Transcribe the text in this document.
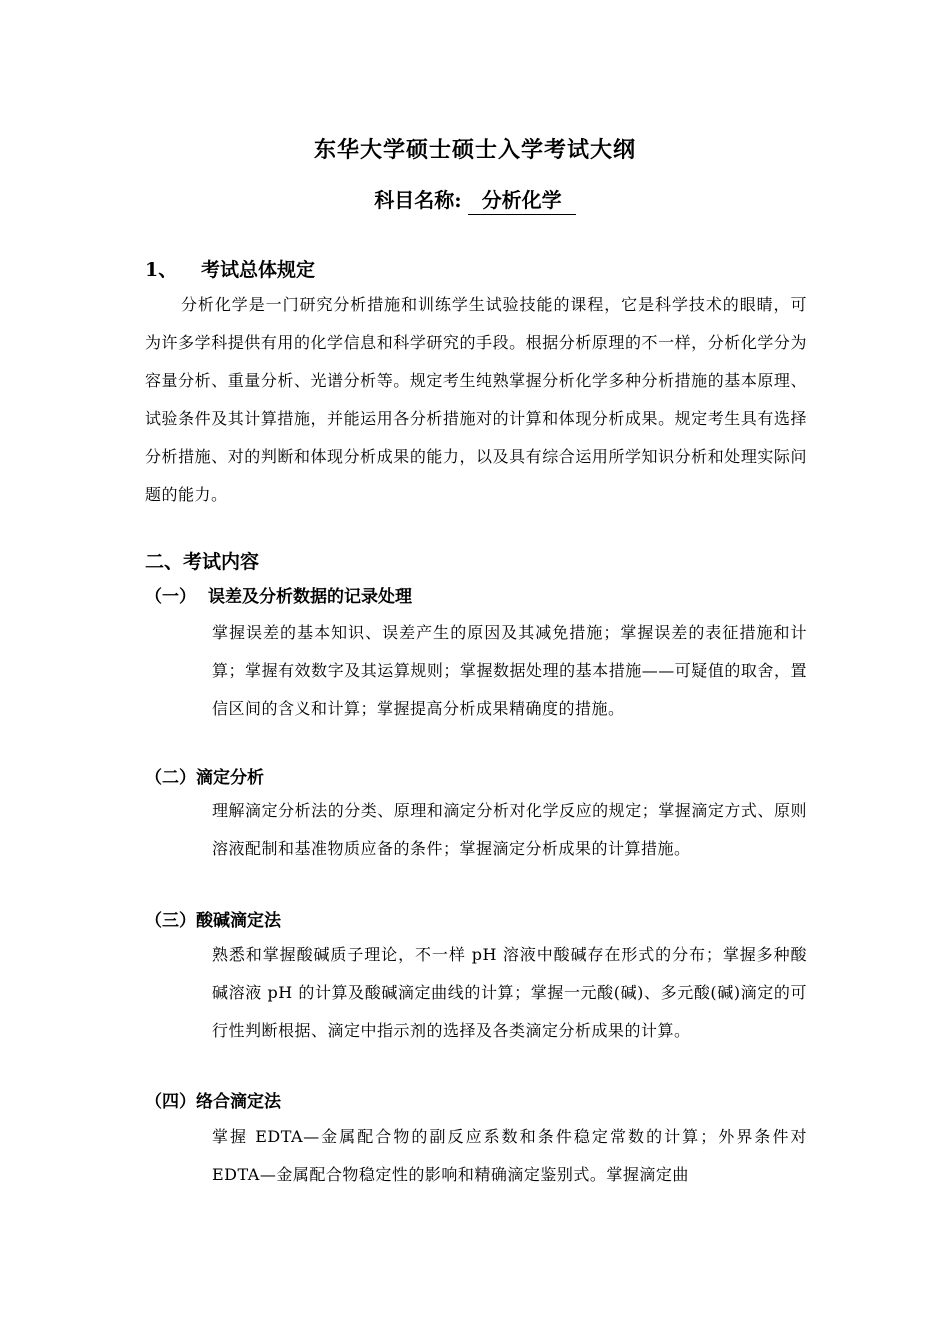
东华大学硕士硕士入学考试大纲
科目名称: 分析化学
1、 考试总体规定
分析化学是一门研究分析措施和训练学生试验技能的课程，它是科学技术的眼睛，可为许多学科提供有用的化学信息和科学研究的手段。根据分析原理的不一样，分析化学分为容量分析、重量分析、光谱分析等。规定考生纯熟掌握分析化学多种分析措施的基本原理、试验条件及其计算措施，并能运用各分析措施对的计算和体现分析成果。规定考生具有选择分析措施、对的判断和体现分析成果的能力，以及具有综合运用所学知识分析和处理实际问题的能力。
二、考试内容
（一） 误差及分析数据的记录处理
掌握误差的基本知识、误差产生的原因及其减免措施；掌握误差的表征措施和计算；掌握有效数字及其运算规则；掌握数据处理的基本措施——可疑值的取舍，置信区间的含义和计算；掌握提高分析成果精确度的措施。
（二）滴定分析
理解滴定分析法的分类、原理和滴定分析对化学反应的规定；掌握滴定方式、原则溶液配制和基准物质应备的条件；掌握滴定分析成果的计算措施。
（三）酸碱滴定法
熟悉和掌握酸碱质子理论，不一样 pH 溶液中酸碱存在形式的分布；掌握多种酸碱溶液 pH 的计算及酸碱滴定曲线的计算；掌握一元酸(碱)、多元酸(碱)滴定的可行性判断根据、滴定中指示剂的选择及各类滴定分析成果的计算。
（四）络合滴定法
掌握 EDTA—金属配合物的副反应系数和条件稳定常数的计算；外界条件对 EDTA—金属配合物稳定性的影响和精确滴定鉴别式。掌握滴定曲
